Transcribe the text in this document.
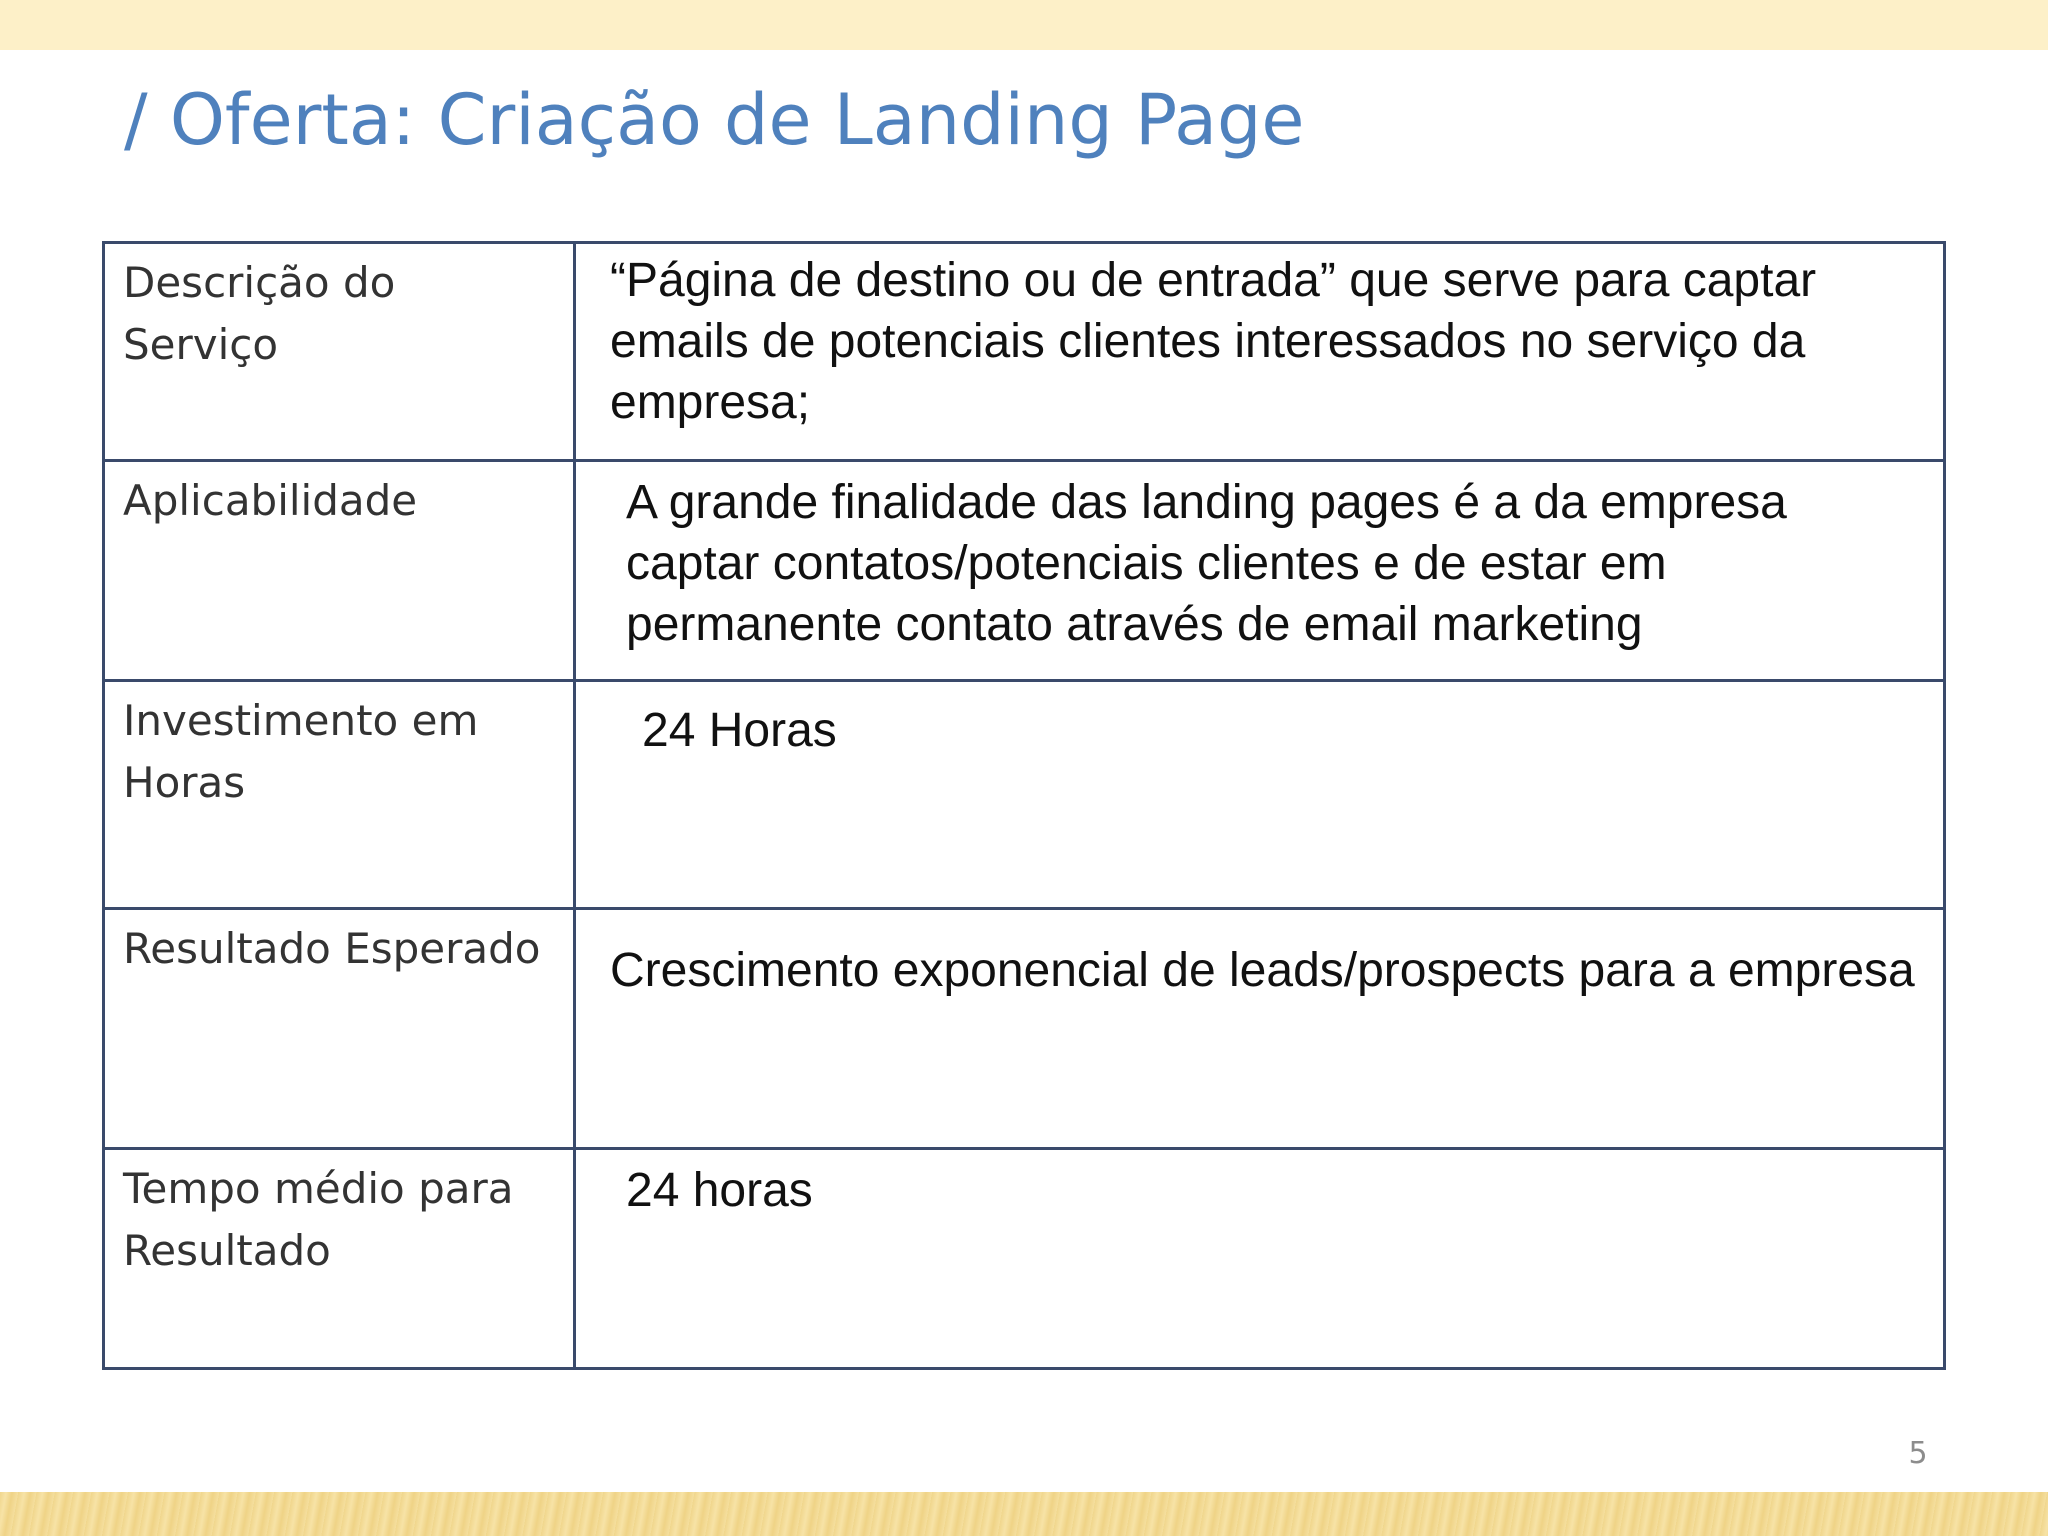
/ Oferta: Criação de Landing Page
Descrição do Serviço	“Página de destino ou de entrada” que serve para captar emails de potenciais clientes interessados no serviço da empresa;
Aplicabilidade	A grande finalidade das landing pages é a da empresa captar contatos/potenciais clientes e de estar em permanente contato através de email marketing
Investimento em Horas	24 Horas
Resultado Esperado	Crescimento exponencial de leads/prospects para a empresa
Tempo médio para Resultado	24 horas
5
